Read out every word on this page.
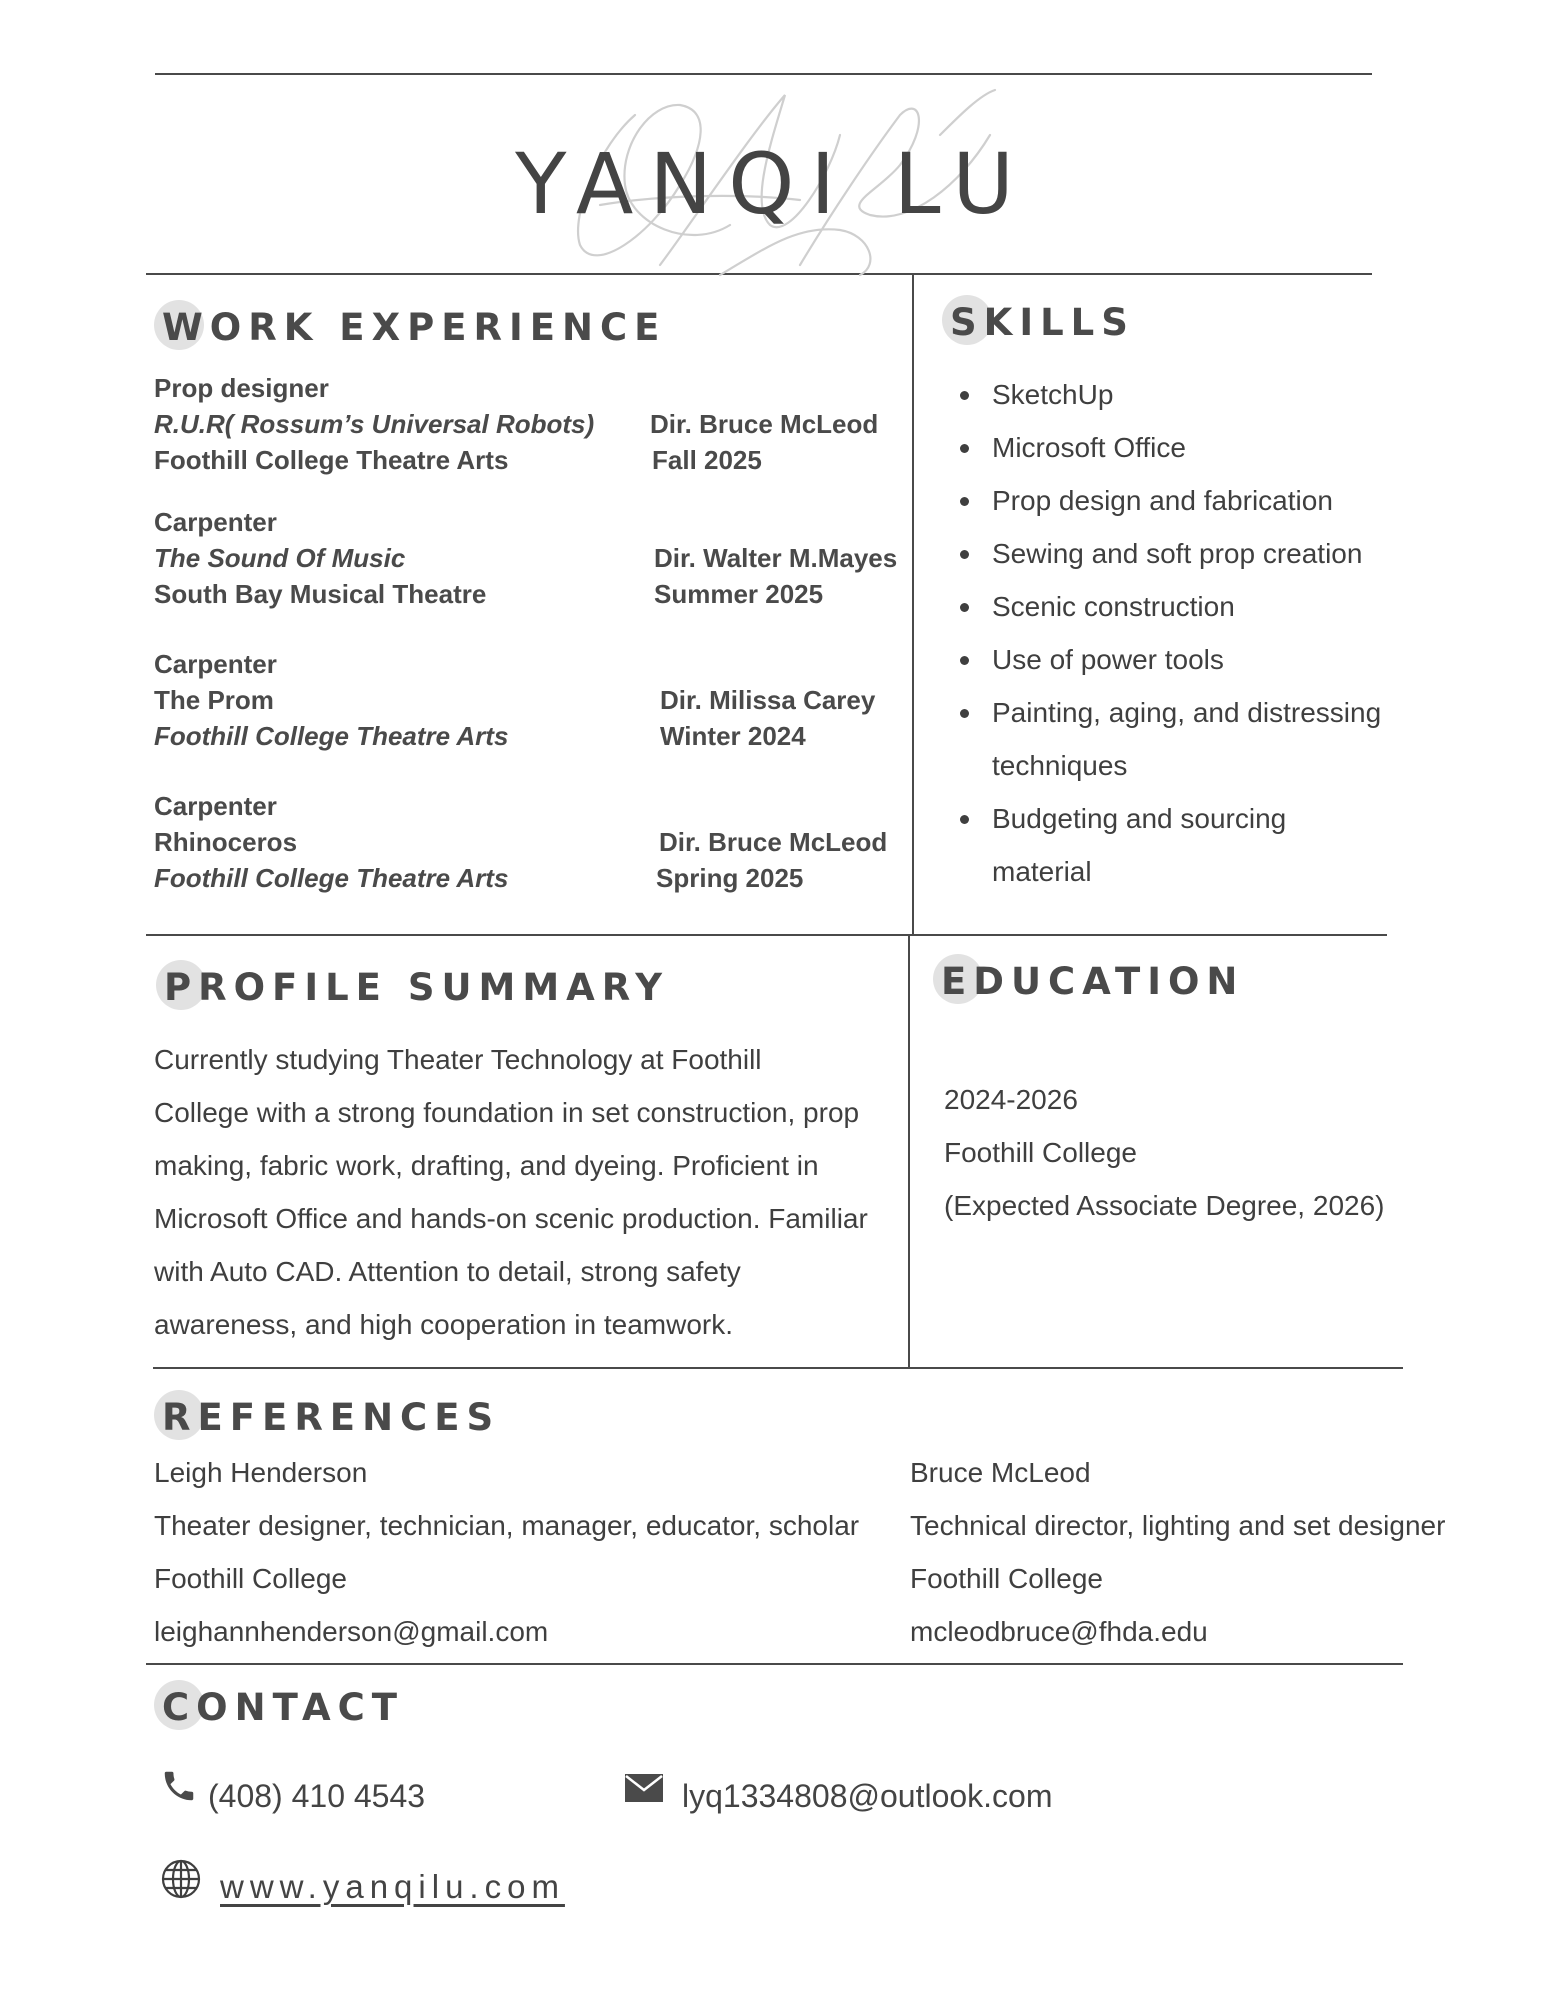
YANQI LU
WORK EXPERIENCE
Prop designer
R.U.R( Rossum’s Universal Robots) Dir. Bruce McLeod
Foothill College Theatre Arts	Fall 2025
Carpenter
The Sound Of Music	Dir. Walter M.Mayes
South Bay Musical Theatre	Summer 2025
Carpenter
The Prom	Dir. Milissa Carey
Foothill College Theatre Arts	Winter 2024
Carpenter
Rhinoceros	Dir. Bruce McLeod
Foothill College Theatre Arts	Spring 2025
SKILLS
SketchUp
Microsoft Office
Prop design and fabrication
Sewing and soft prop creation
Scenic construction
Use of power tools
Painting, aging, and distressing techniques
Budgeting and sourcing material
PROFILE SUMMARY
Currently studying Theater Technology at Foothill
College with a strong foundation in set construction, prop
making, fabric work, drafting, and dyeing. Proficient in
Microsoft Office and hands-on scenic production. Familiar
with Auto CAD. Attention to detail, strong safety
awareness, and high cooperation in teamwork.
EDUCATION
2024-2026
Foothill College
(Expected Associate Degree, 2026)
REFERENCES
Leigh Henderson
Theater designer, technician, manager, educator, scholar
Foothill College
leighannhenderson@gmail.com
Bruce McLeod
Technical director, lighting and set designer
Foothill College
mcleodbruce@fhda.edu
CONTACT
(408) 410 4543	lyq1334808@outlook.com
www.yanqilu.com
